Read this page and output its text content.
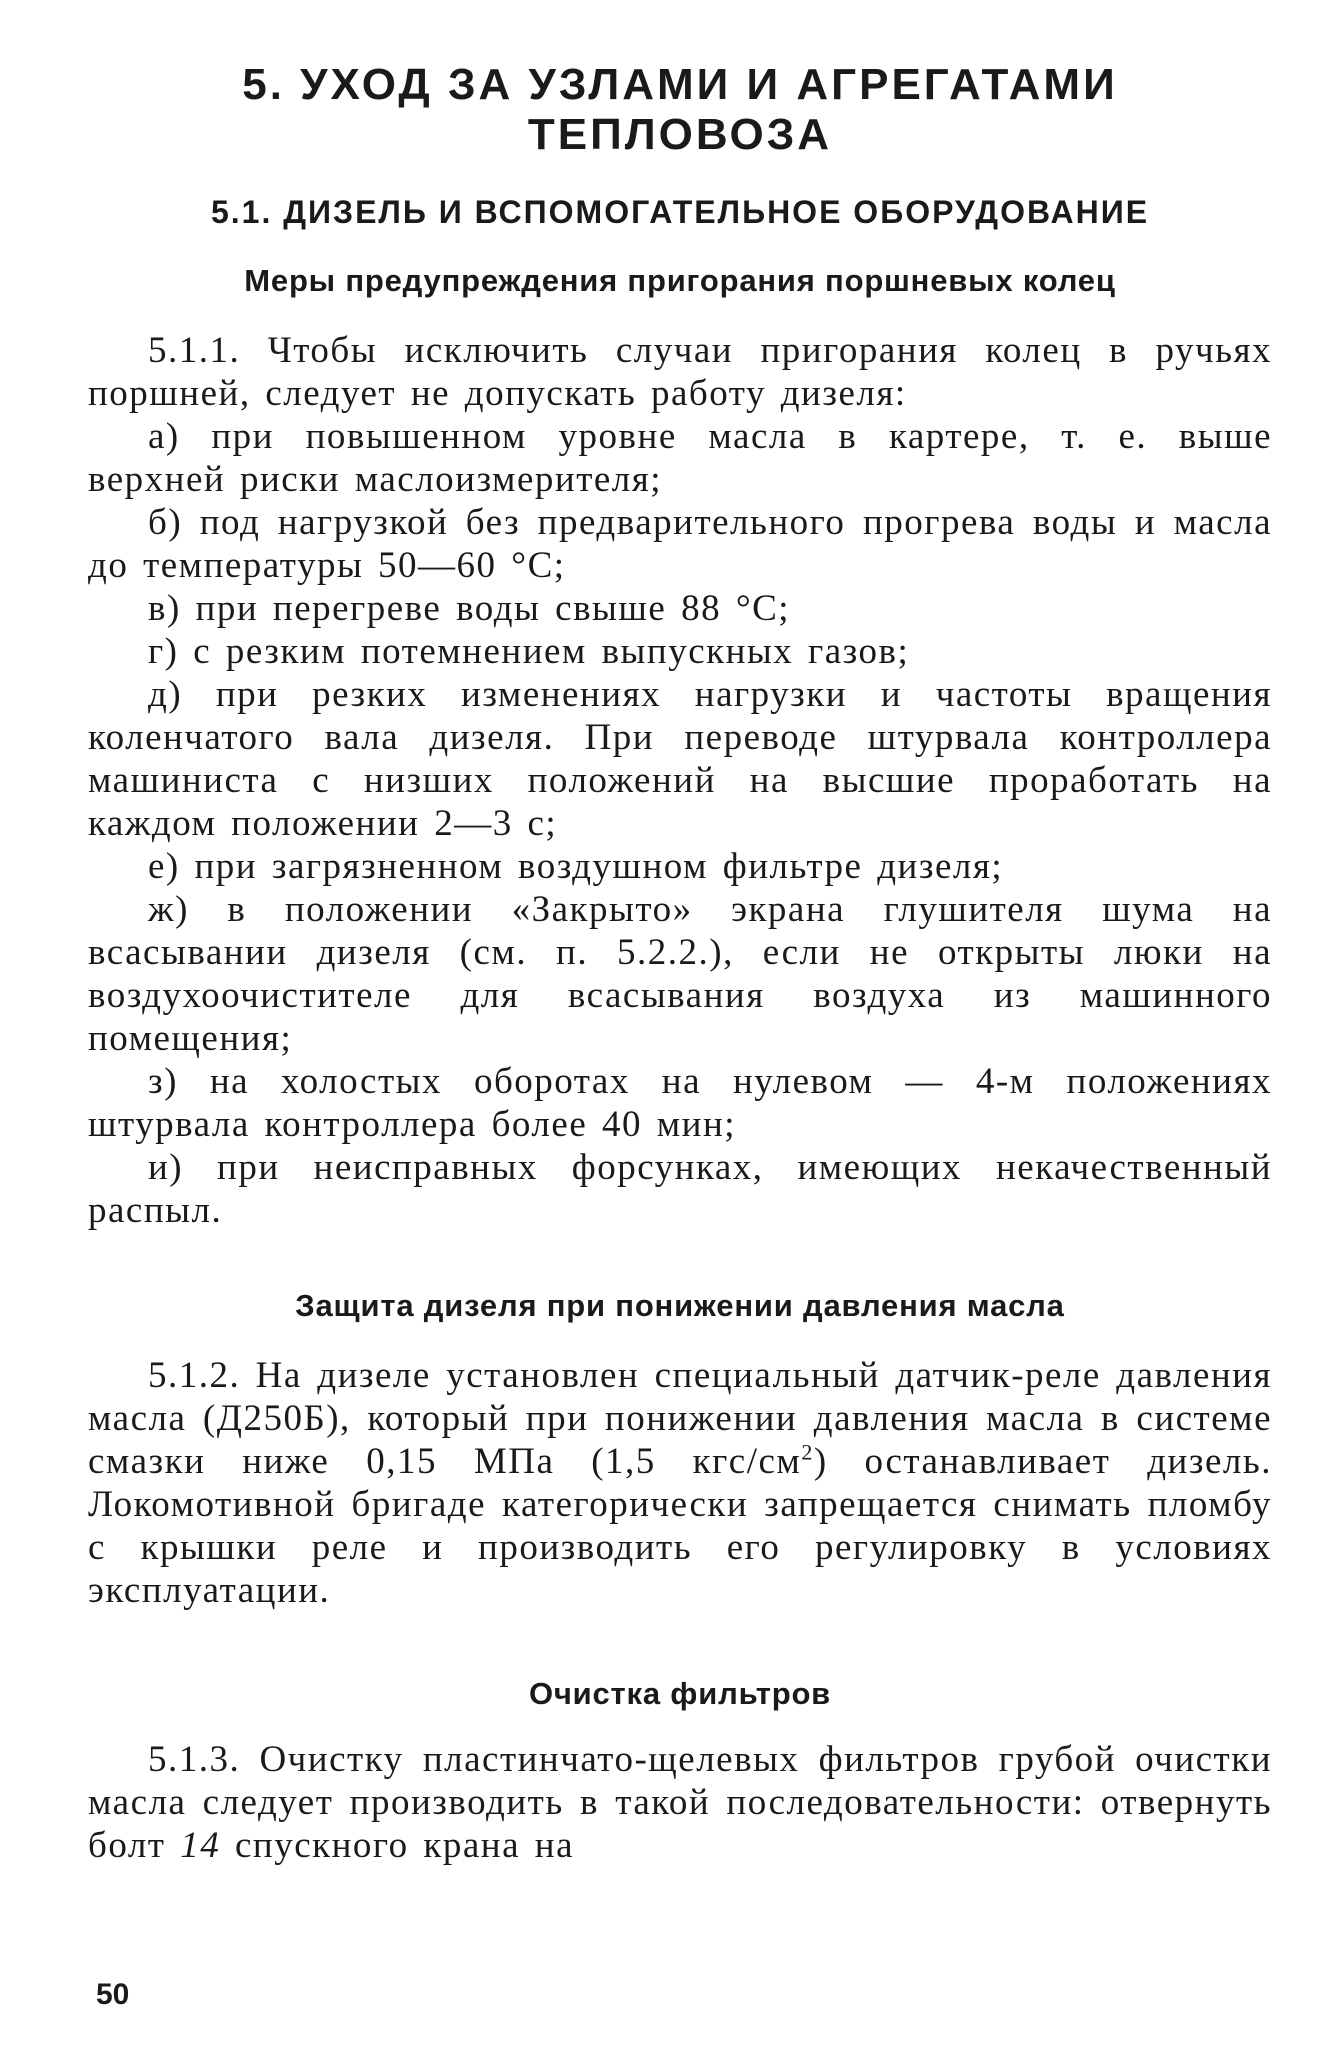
5. УХОД ЗА УЗЛАМИ И АГРЕГАТАМИ
ТЕПЛОВОЗА
5.1. ДИЗЕЛЬ И ВСПОМОГАТЕЛЬНОЕ ОБОРУДОВАНИЕ
Меры предупреждения пригорания поршневых колец

5.1.1. Чтобы исключить случаи пригорания колец в ручьях поршней, следует не допускать работу дизеля:

а) при повышенном уровне масла в картере, т. е. выше верхней риски маслоизмерителя;

б) под нагрузкой без предварительного прогрева воды и масла до температуры 50—60 °С;

в) при перегреве воды свыше 88 °С;

г) с резким потемнением выпускных газов;

д) при резких изменениях нагрузки и частоты вращения коленчатого вала дизеля. При переводе штурвала контроллера машиниста с низших положений на высшие проработать на каждом положении 2—3 с;

е) при загрязненном воздушном фильтре дизеля;

ж) в положении «Закрыто» экрана глушителя шума на всасывании дизеля (см. п. 5.2.2.), если не открыты люки на воздухоочистителе для всасывания воздуха из машинного помещения;

з) на холостых оборотах на нулевом — 4-м положениях штурвала контроллера более 40 мин;

и) при неисправных форсунках, имеющих некачественный распыл.

Защита дизеля при понижении давления масла

5.1.2. На дизеле установлен специальный датчик-реле давления масла (Д250Б), который при понижении давления масла в системе смазки ниже 0,15 МПа (1,5 кгс/$см^2$) останавливает дизель. Локомотивной бригаде категорически запрещается снимать пломбу с крышки реле и производить его регулировку в условиях эксплуатации.

Очистка фильтров

5.1.3. Очистку пластинчато-щелевых фильтров грубой очистки масла следует производить в такой последовательности: отвернуть болт 14 спускного крана на

50
